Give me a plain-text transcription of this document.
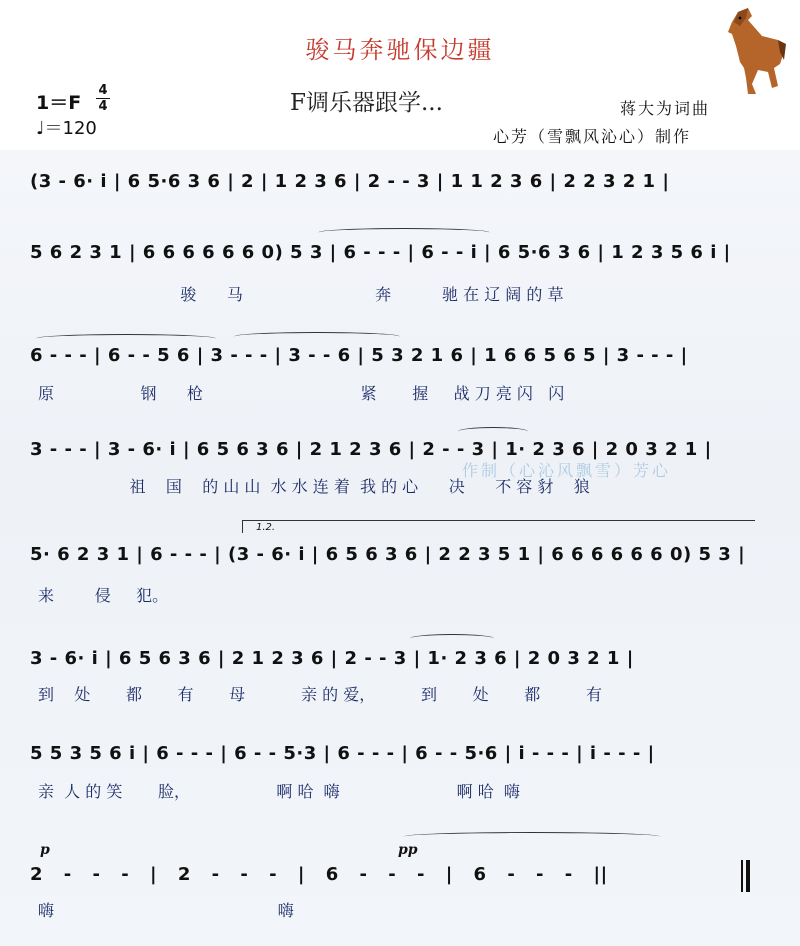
骏马奔驰保边疆
F调乐器跟学...
1＝F
4
4
♩＝120
蒋大为词曲
心芳（雪飘风沁心）制作
(3 - 6· i | 6 5·6 3 6 | 2 | 1 2 3 6 | 2 - - 3 | 1 1 2 3 6 | 2 2 3 2 1 |
5 6 2 3 1 | 6 6 6 6 6 6 0) 5 3 | 6 - - - | 6 - - i | 6 5·6 3 6 | 1 2 3 5 6 i |
骏      马                          奔          驰 在 辽 阔 的 草
6 - - - | 6 - - 5 6 | 3 - - - | 3 - - 6 | 5 3 2 1 6 | 1 6 6 5 6 5 | 3 - - - |
原                 钢      枪                               紧       握     战 刀 亮 闪   闪
3 - - - | 3 - 6· i | 6 5 6 3 6 | 2 1 2 3 6 | 2 - - 3 | 1· 2 3 6 | 2 0 3 2 1 |
祖    国    的 山 山  水 水 连 着  我 的 心      决      不 容 豺    狼
作制（心沁风飘雪）芳心
1.2.
5· 6 2 3 1 | 6 - - - | (3 - 6· i | 6 5 6 3 6 | 2 2 3 5 1 | 6 6 6 6 6 6 0) 5 3 |
来        侵     犯。
3 - 6· i | 6 5 6 3 6 | 2 1 2 3 6 | 2 - - 3 | 1· 2 3 6 | 2 0 3 2 1 |
到    处       都       有       母           亲 的 爱，         到       处       都         有
5 5 3 5 6 i | 6 - - - | 6 - - 5·3 | 6 - - - | 6 - - 5·6 | i - - - | i - - - |
亲  人 的 笑       脸，                 啊 哈  嗨                       啊 哈  嗨
p	pp
2 - - - | 2 - - - | 6 - - - | 6 - - - ||
嗨                                            嗨
